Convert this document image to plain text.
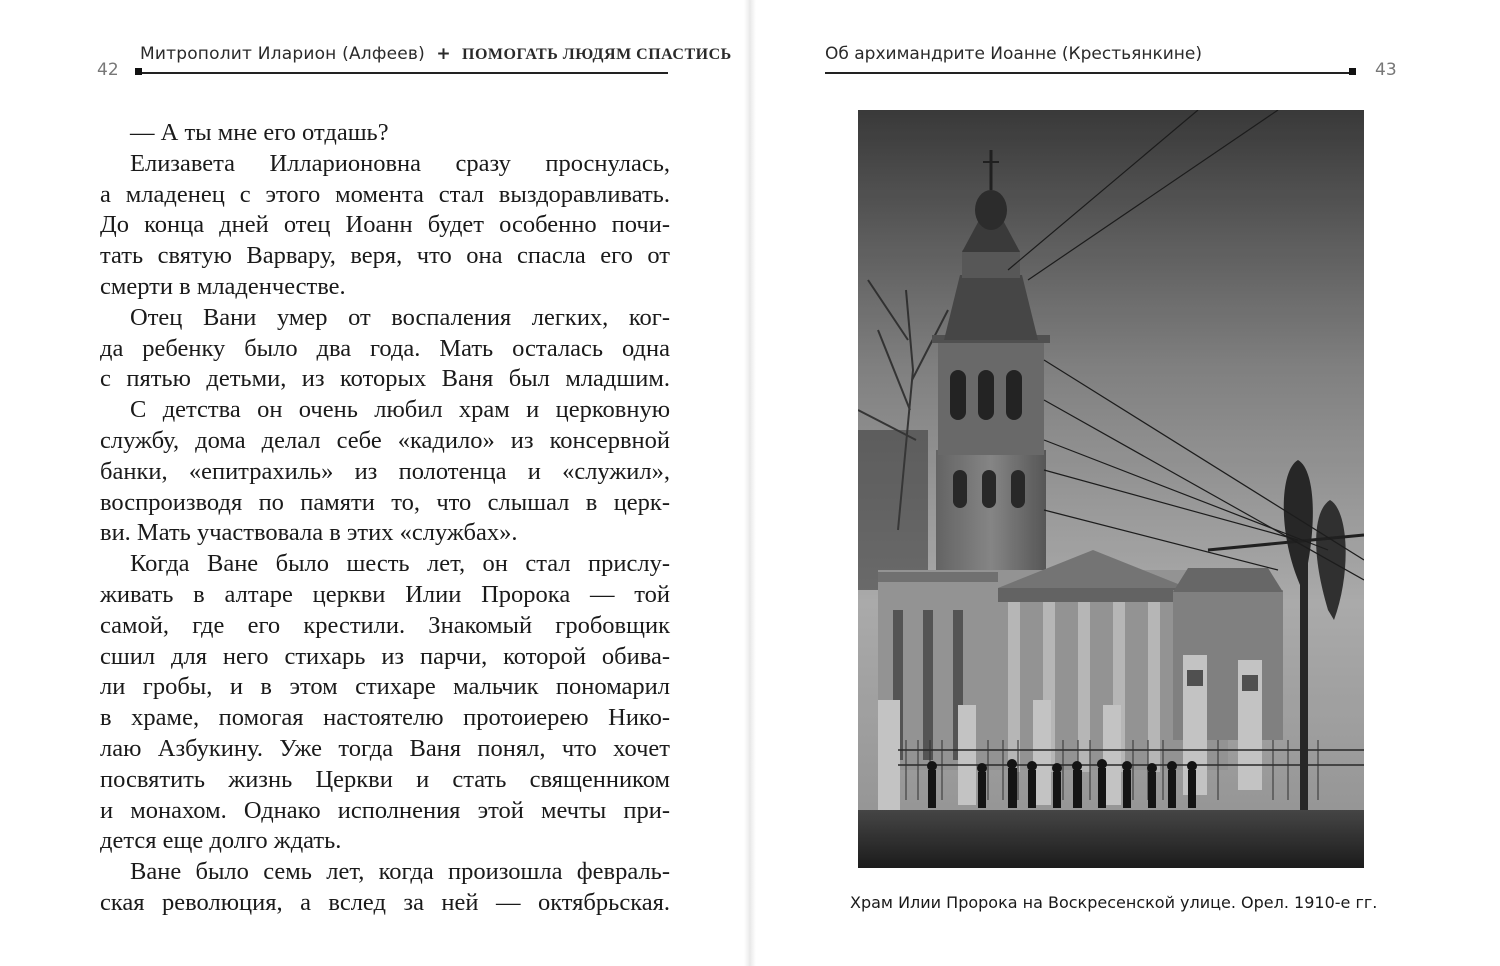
Митрополит Иларион (Алфеев) + ПОМОГАТЬ ЛЮДЯМ СПАСТИСЬ
42
— А ты мне его отдашь?
Елизавета Илларионовна сразу проснулась,
а младенец с этого момента стал выздоравливать.
До конца дней отец Иоанн будет особенно почи-
тать святую Варвару, веря, что она спасла его от
смерти в младенчестве.
Отец Вани умер от воспаления легких, ког-
да ребенку было два года. Мать осталась одна
с пятью детьми, из которых Ваня был младшим.
С детства он очень любил храм и церковную
службу, дома делал себе «кадило» из консервной
банки, «епитрахиль» из полотенца и «служил»,
воспроизводя по памяти то, что слышал в церк-
ви. Мать участвовала в этих «службах».
Когда Ване было шесть лет, он стал прислу-
живать в алтаре церкви Илии Пророка — той
самой, где его крестили. Знакомый гробовщик
сшил для него стихарь из парчи, которой обива-
ли гробы, и в этом стихаре мальчик пономарил
в храме, помогая настоятелю протоиерею Нико-
лаю Азбукину. Уже тогда Ваня понял, что хочет
посвятить жизнь Церкви и стать священником
и монахом. Однако исполнения этой мечты при-
дется еще долго ждать.
Ване было семь лет, когда произошла февраль-
ская революция, а вслед за ней — октябрьская.
Об архимандрите Иоанне (Крестьянкине)
43
Храм Илии Пророка на Воскресенской улице. Орел. 1910-е гг.
